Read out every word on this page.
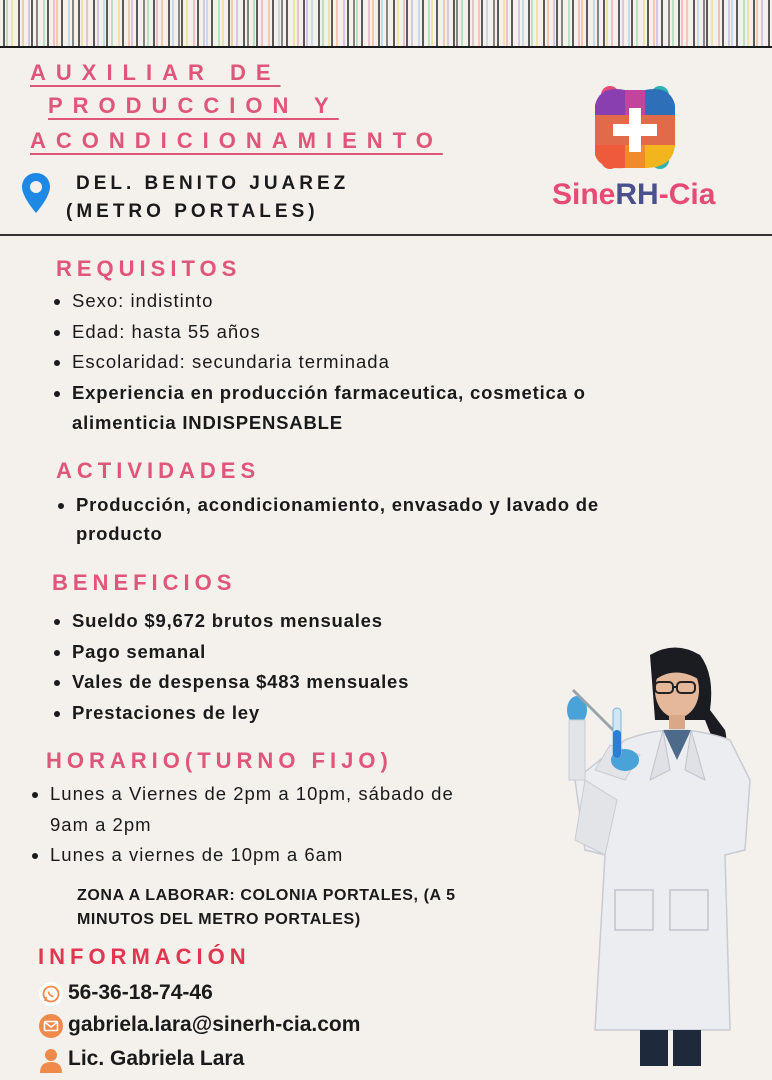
AUXILIAR DE
PRODUCCION Y
ACONDICIONAMIENTO
DEL. BENITO JUAREZ
(METRO PORTALES)
SineRH-Cia
REQUISITOS
Sexo: indistinto
Edad: hasta 55 años
Escolaridad: secundaria terminada
Experiencia en producción farmaceutica, cosmetica o
alimenticia INDISPENSABLE
ACTIVIDADES
Producción, acondicionamiento, envasado y lavado de
producto
BENEFICIOS
Sueldo $9,672 brutos mensuales
Pago semanal
Vales de despensa $483 mensuales
Prestaciones de ley
HORARIO(TURNO FIJO)
Lunes a Viernes de 2pm a 10pm, sábado de
9am a 2pm
Lunes a viernes de 10pm a 6am
ZONA A LABORAR: COLONIA PORTALES, (A 5
MINUTOS DEL METRO PORTALES)
INFORMACIÓN
56-36-18-74-46
gabriela.lara@sinerh-cia.com
Lic. Gabriela Lara
